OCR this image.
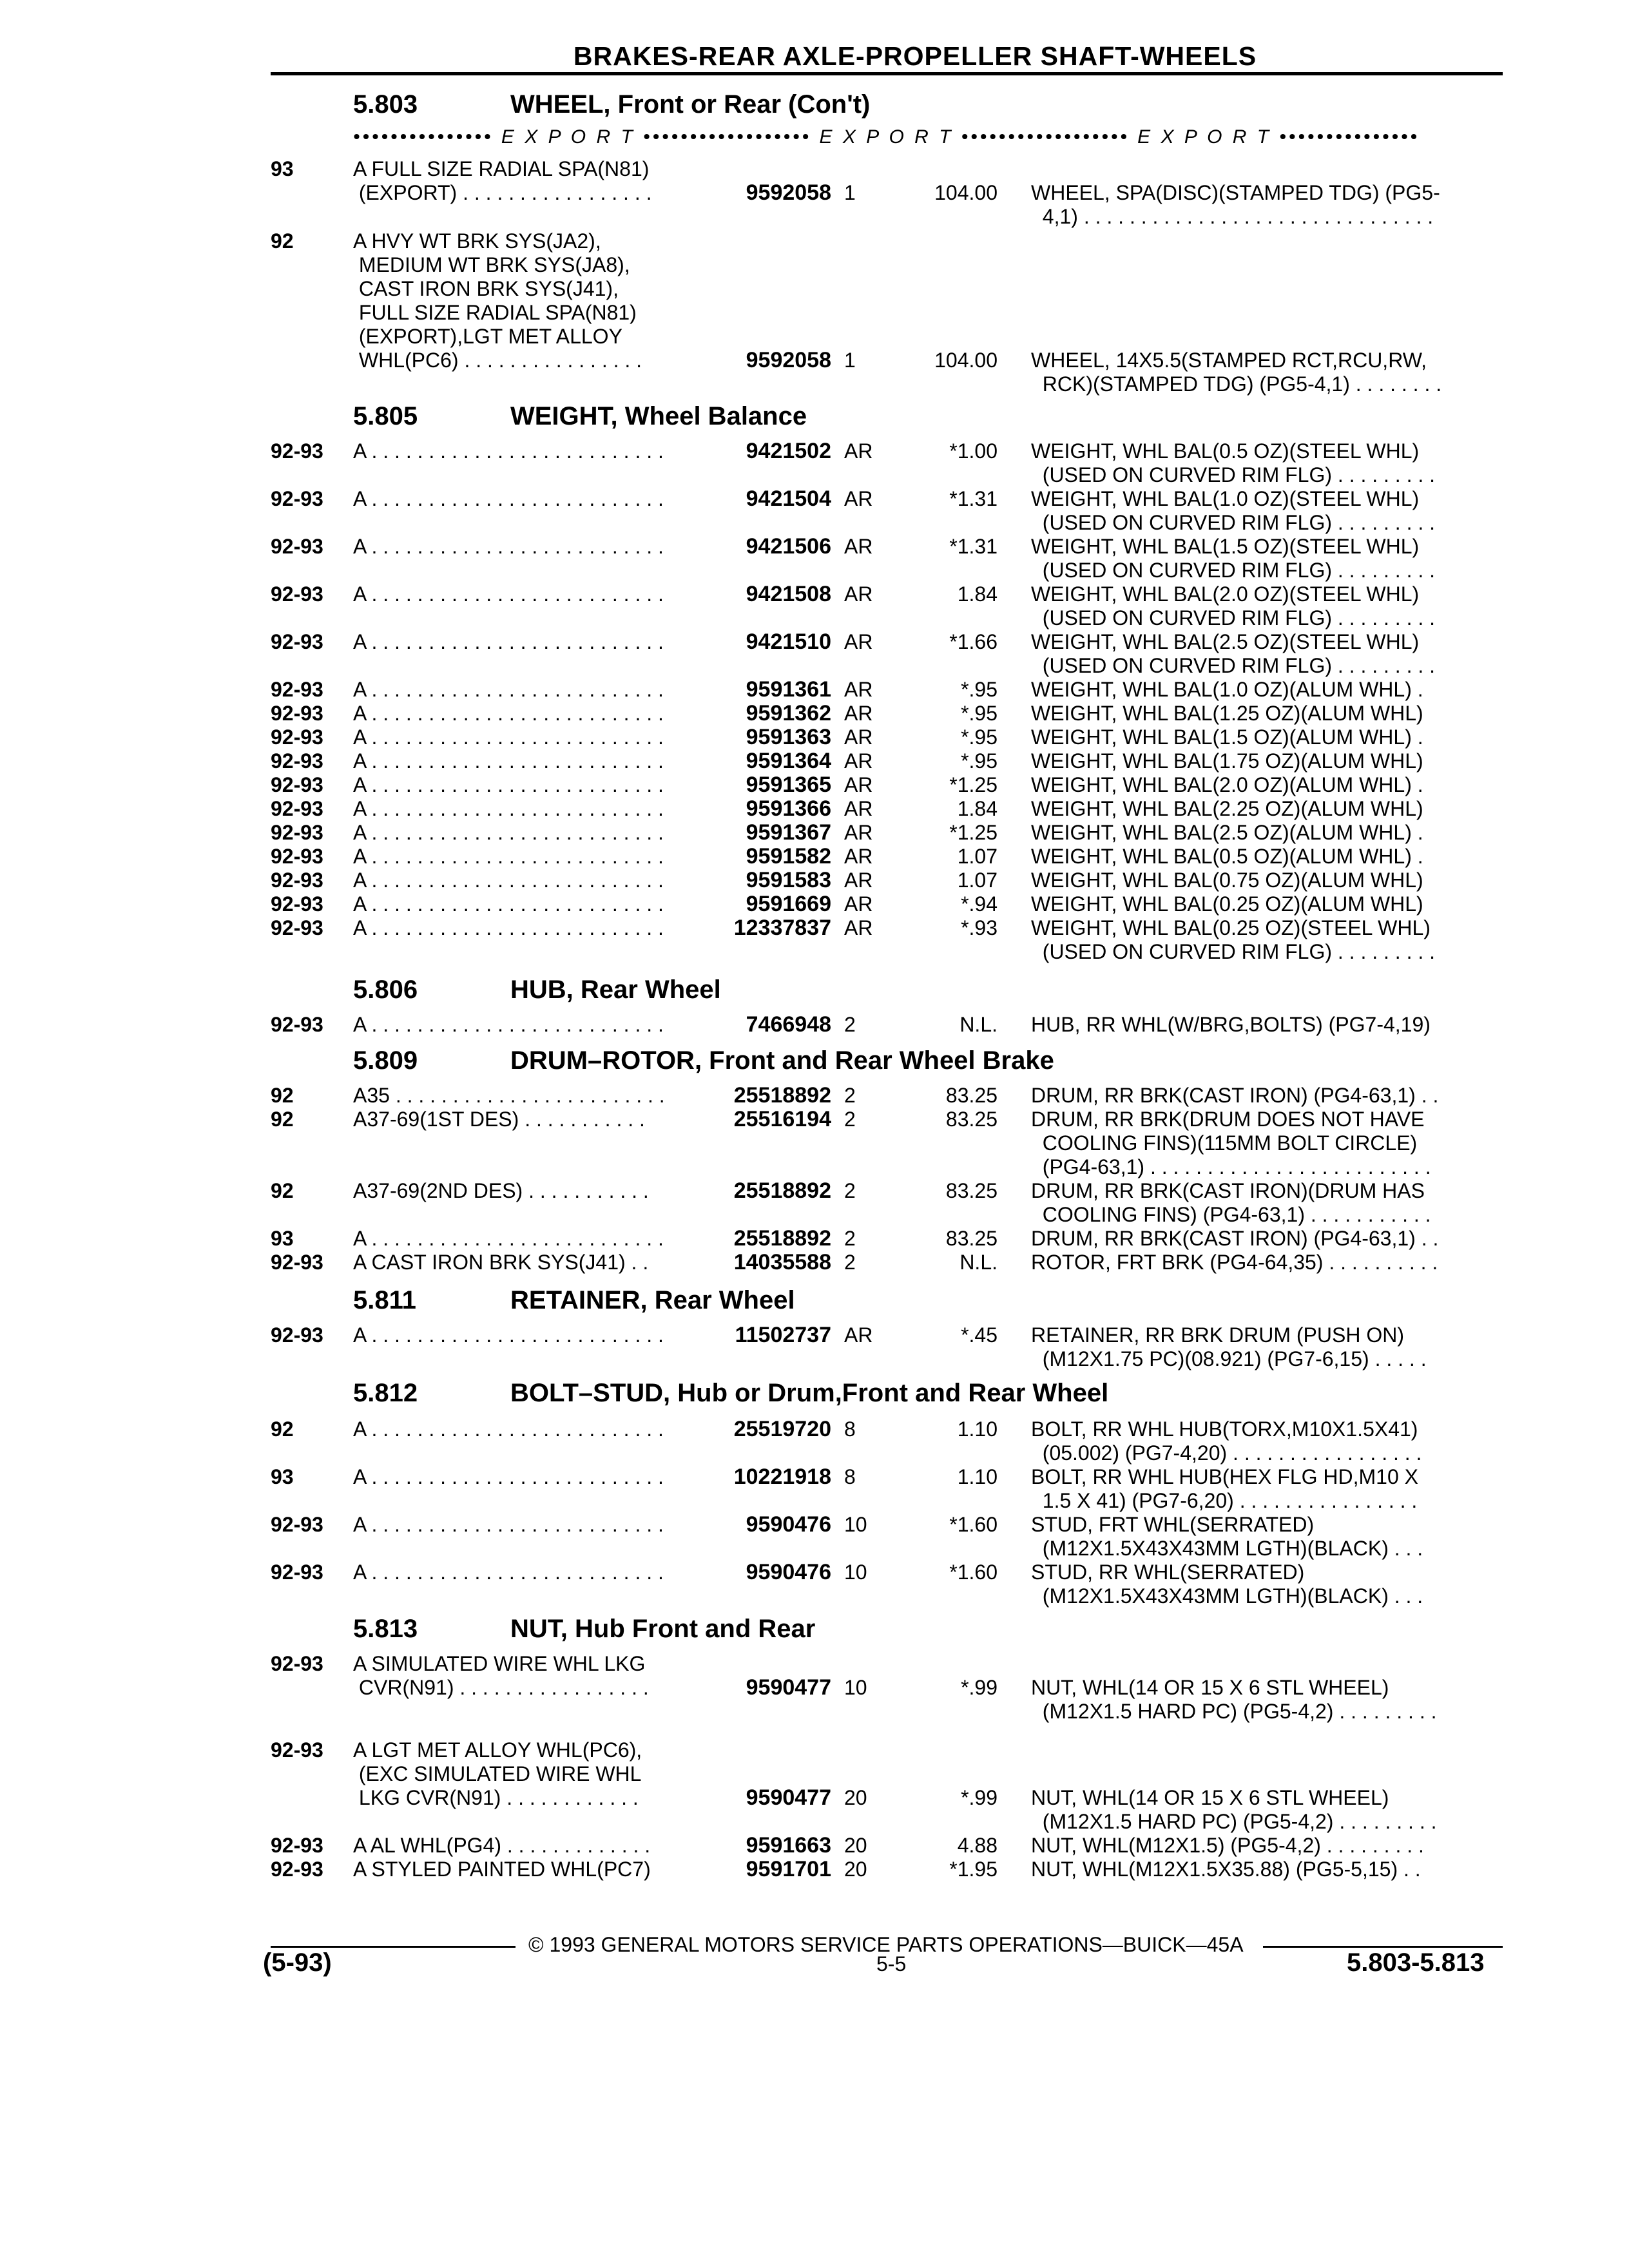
BRAKES-REAR AXLE-PROPELLER SHAFT-WHEELS
••••••••••••••• E X P O R T •••••••••••••••••• E X P O R T •••••••••••••••••• E X P O R T •••••••••••••••
5.803	WHEEL, Front or Rear (Con't)
5.805	WEIGHT, Wheel Balance
5.806	HUB, Rear Wheel
5.809	DRUM–ROTOR, Front and Rear Wheel Brake
5.811	RETAINER, Rear Wheel
5.812	BOLT–STUD, Hub or Drum,Front and Rear Wheel
5.813	NUT, Hub Front and Rear
93	A FULL SIZE RADIAL SPA(N81)
(EXPORT) . . . . . . . . . . . . . . . . .	9592058 1	104.00 WHEEL, SPA(DISC)(STAMPED TDG) (PG5-
4,1) . . . . . . . . . . . . . . . . . . . . . . . . . . . . . . .
92	A HVY WT BRK SYS(JA2),
MEDIUM WT BRK SYS(JA8),
CAST IRON BRK SYS(J41),
FULL SIZE RADIAL SPA(N81)
(EXPORT),LGT MET ALLOY
WHL(PC6) . . . . . . . . . . . . . . . .	9592058 1	104.00 WHEEL, 14X5.5(STAMPED RCT,RCU,RW,
RCK)(STAMPED TDG) (PG5-4,1) . . . . . . . .
92-93 A . . . . . . . . . . . . . . . . . . . . . . . . . .	9421502 AR	*1.00 WEIGHT, WHL BAL(0.5 OZ)(STEEL WHL)
(USED ON CURVED RIM FLG) . . . . . . . . .
92-93 A . . . . . . . . . . . . . . . . . . . . . . . . . .	9421504 AR	*1.31 WEIGHT, WHL BAL(1.0 OZ)(STEEL WHL)
(USED ON CURVED RIM FLG) . . . . . . . . .
92-93 A . . . . . . . . . . . . . . . . . . . . . . . . . .	9421506 AR	*1.31 WEIGHT, WHL BAL(1.5 OZ)(STEEL WHL)
(USED ON CURVED RIM FLG) . . . . . . . . .
92-93 A . . . . . . . . . . . . . . . . . . . . . . . . . .	9421508 AR	1.84 WEIGHT, WHL BAL(2.0 OZ)(STEEL WHL)
(USED ON CURVED RIM FLG) . . . . . . . . .
92-93 A . . . . . . . . . . . . . . . . . . . . . . . . . .	9421510 AR	*1.66 WEIGHT, WHL BAL(2.5 OZ)(STEEL WHL)
(USED ON CURVED RIM FLG) . . . . . . . . .
92-93 A . . . . . . . . . . . . . . . . . . . . . . . . . .	9591361 AR	*.95 WEIGHT, WHL BAL(1.0 OZ)(ALUM WHL) .
92-93 A . . . . . . . . . . . . . . . . . . . . . . . . . .	9591362 AR	*.95 WEIGHT, WHL BAL(1.25 OZ)(ALUM WHL)
92-93 A . . . . . . . . . . . . . . . . . . . . . . . . . .	9591363 AR	*.95 WEIGHT, WHL BAL(1.5 OZ)(ALUM WHL) .
92-93 A . . . . . . . . . . . . . . . . . . . . . . . . . .	9591364 AR	*.95 WEIGHT, WHL BAL(1.75 OZ)(ALUM WHL)
92-93 A . . . . . . . . . . . . . . . . . . . . . . . . . .	9591365 AR	*1.25 WEIGHT, WHL BAL(2.0 OZ)(ALUM WHL) .
92-93 A . . . . . . . . . . . . . . . . . . . . . . . . . .	9591366 AR	1.84 WEIGHT, WHL BAL(2.25 OZ)(ALUM WHL)
92-93 A . . . . . . . . . . . . . . . . . . . . . . . . . .	9591367 AR	*1.25 WEIGHT, WHL BAL(2.5 OZ)(ALUM WHL) .
92-93 A . . . . . . . . . . . . . . . . . . . . . . . . . .	9591582 AR	1.07 WEIGHT, WHL BAL(0.5 OZ)(ALUM WHL) .
92-93 A . . . . . . . . . . . . . . . . . . . . . . . . . .	9591583 AR	1.07 WEIGHT, WHL BAL(0.75 OZ)(ALUM WHL)
92-93 A . . . . . . . . . . . . . . . . . . . . . . . . . .	9591669 AR	*.94 WEIGHT, WHL BAL(0.25 OZ)(ALUM WHL)
92-93 A . . . . . . . . . . . . . . . . . . . . . . . . . .	12337837 AR	*.93 WEIGHT, WHL BAL(0.25 OZ)(STEEL WHL)
(USED ON CURVED RIM FLG) . . . . . . . . .
92-93 A . . . . . . . . . . . . . . . . . . . . . . . . . .	7466948 2	N.L. HUB, RR WHL(W/BRG,BOLTS) (PG7-4,19)
92	A35 . . . . . . . . . . . . . . . . . . . . . . . .	25518892 2	83.25 DRUM, RR BRK(CAST IRON) (PG4-63,1) . .
92	A37-69(1ST DES) . . . . . . . . . . .	25516194 2	83.25 DRUM, RR BRK(DRUM DOES NOT HAVE
COOLING FINS)(115MM BOLT CIRCLE)
(PG4-63,1) . . . . . . . . . . . . . . . . . . . . . . . . .
92	A37-69(2ND DES) . . . . . . . . . . .	25518892 2	83.25 DRUM, RR BRK(CAST IRON)(DRUM HAS
COOLING FINS) (PG4-63,1) . . . . . . . . . . .
93	A . . . . . . . . . . . . . . . . . . . . . . . . . .	25518892 2	83.25 DRUM, RR BRK(CAST IRON) (PG4-63,1) . .
92-93 A CAST IRON BRK SYS(J41) . .	14035588 2	N.L. ROTOR, FRT BRK (PG4-64,35) . . . . . . . . . .
92-93 A . . . . . . . . . . . . . . . . . . . . . . . . . .	11502737 AR	*.45 RETAINER, RR BRK DRUM (PUSH ON)
(M12X1.75 PC)(08.921) (PG7-6,15) . . . . .
92	A . . . . . . . . . . . . . . . . . . . . . . . . . .	25519720 8	1.10 BOLT, RR WHL HUB(TORX,M10X1.5X41)
(05.002) (PG7-4,20) . . . . . . . . . . . . . . . . .
93	A . . . . . . . . . . . . . . . . . . . . . . . . . .	10221918 8	1.10 BOLT, RR WHL HUB(HEX FLG HD,M10 X
1.5 X 41) (PG7-6,20) . . . . . . . . . . . . . . . .
92-93 A . . . . . . . . . . . . . . . . . . . . . . . . . .	9590476 10	*1.60 STUD, FRT WHL(SERRATED)
(M12X1.5X43X43MM LGTH)(BLACK) . . .
92-93 A . . . . . . . . . . . . . . . . . . . . . . . . . .	9590476 10	*1.60 STUD, RR WHL(SERRATED)
(M12X1.5X43X43MM LGTH)(BLACK) . . .
92-93 A SIMULATED WIRE WHL LKG
CVR(N91) . . . . . . . . . . . . . . . . .	9590477 10	*.99 NUT, WHL(14 OR 15 X 6 STL WHEEL)
(M12X1.5 HARD PC) (PG5-4,2) . . . . . . . . .
92-93 A LGT MET ALLOY WHL(PC6),
(EXC SIMULATED WIRE WHL
LKG CVR(N91) . . . . . . . . . . . .	9590477 20	*.99 NUT, WHL(14 OR 15 X 6 STL WHEEL)
(M12X1.5 HARD PC) (PG5-4,2) . . . . . . . . .
92-93 A AL WHL(PG4) . . . . . . . . . . . . .	9591663 20	4.88 NUT, WHL(M12X1.5) (PG5-4,2) . . . . . . . . .
92-93 A STYLED PAINTED WHL(PC7)	9591701 20	*1.95 NUT, WHL(M12X1.5X35.88) (PG5-5,15) . .
© 1993 GENERAL MOTORS SERVICE PARTS OPERATIONS—BUICK—45A
(5-93)	5-5	5.803-5.813
